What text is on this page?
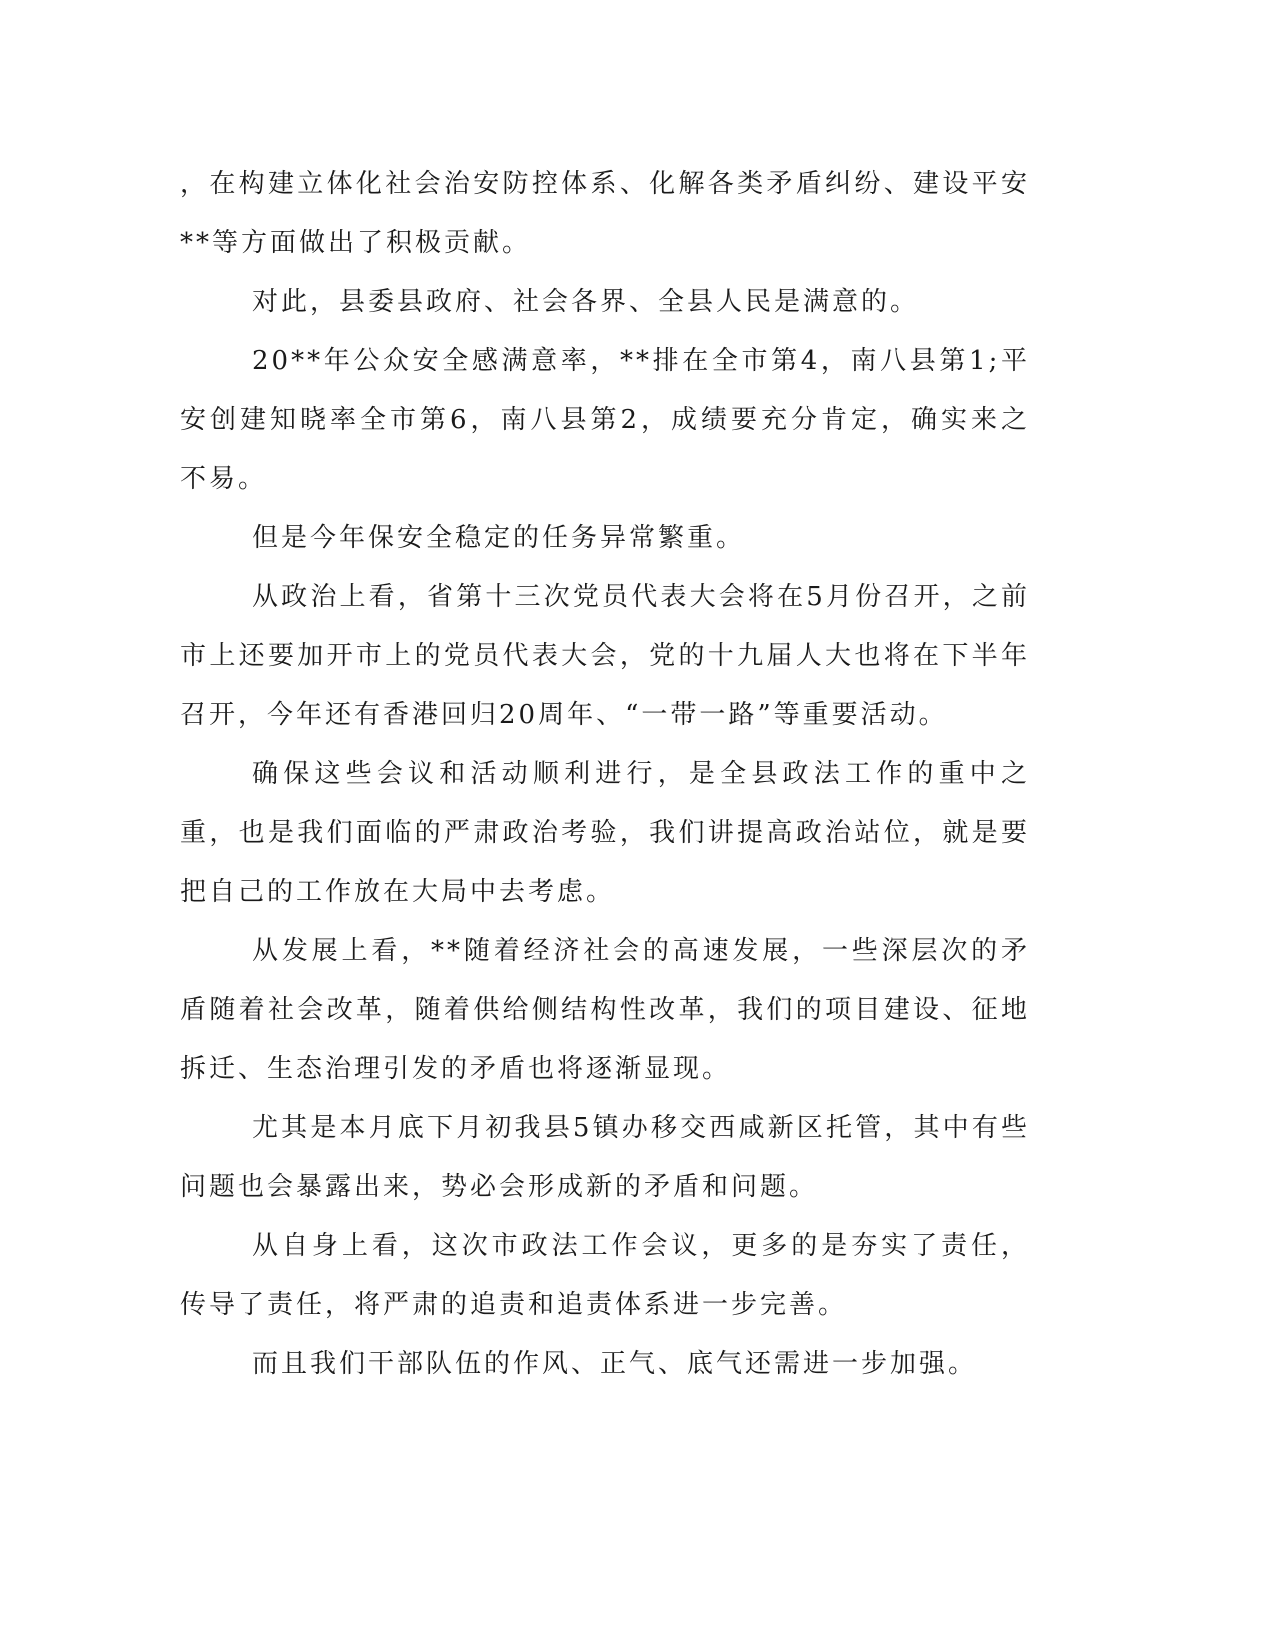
，在构建立体化社会治安防控体系、化解各类矛盾纠纷、建设平安**等方面做出了积极贡献。

对此，县委县政府、社会各界、全县人民是满意的。

20**年公众安全感满意率，**排在全市第4，南八县第1;平安创建知晓率全市第6，南八县第2，成绩要充分肯定，确实来之不易。

但是今年保安全稳定的任务异常繁重。

从政治上看，省第十三次党员代表大会将在5月份召开，之前市上还要加开市上的党员代表大会，党的十九届人大也将在下半年召开，今年还有香港回归20周年、“一带一路”等重要活动。

确保这些会议和活动顺利进行，是全县政法工作的重中之重，也是我们面临的严肃政治考验，我们讲提高政治站位，就是要把自己的工作放在大局中去考虑。

从发展上看，**随着经济社会的高速发展，一些深层次的矛盾随着社会改革，随着供给侧结构性改革，我们的项目建设、征地拆迁、生态治理引发的矛盾也将逐渐显现。

尤其是本月底下月初我县5镇办移交西咸新区托管，其中有些问题也会暴露出来，势必会形成新的矛盾和问题。

从自身上看，这次市政法工作会议，更多的是夯实了责任，传导了责任，将严肃的追责和追责体系进一步完善。

而且我们干部队伍的作风、正气、底气还需进一步加强。
